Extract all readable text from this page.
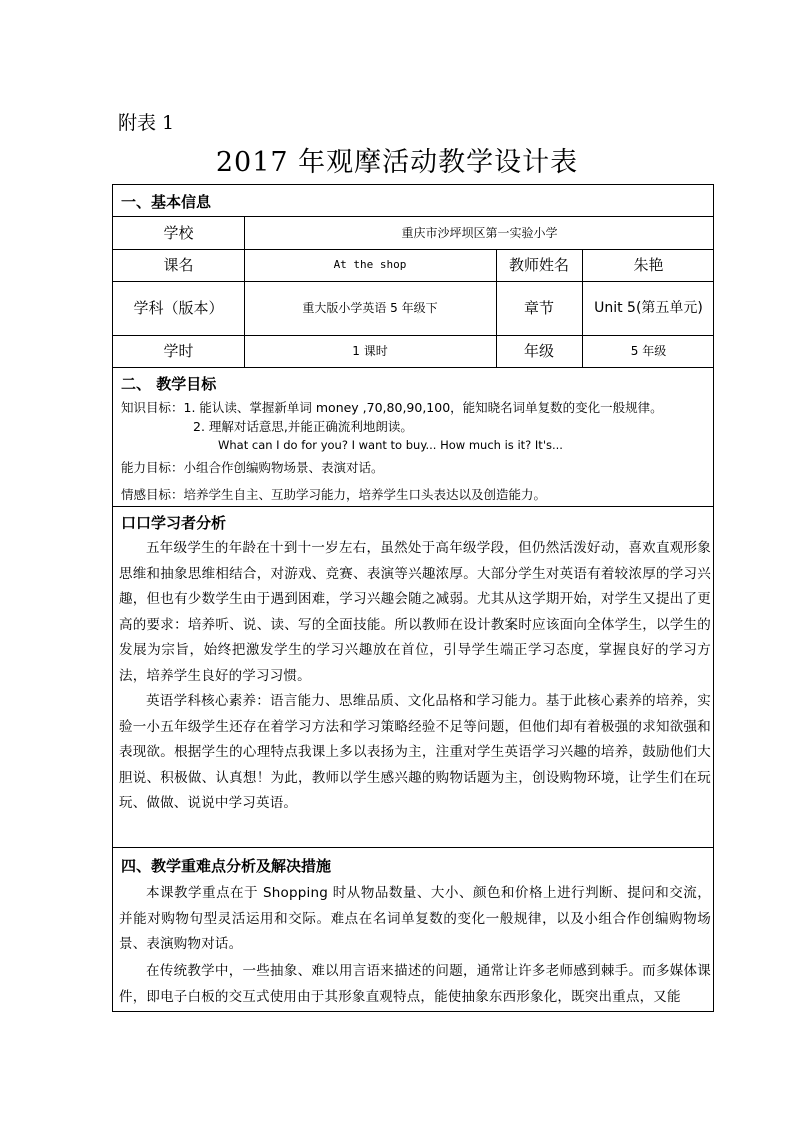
附表 1
2017 年观摩活动教学设计表
一、基本信息
学校	重庆市沙坪坝区第一实验小学
课名	At the shop	教师姓名	朱艳
学科（版本）	重大版小学英语 5 年级下	章节	Unit 5(第五单元)
学时	1 课时	年级	5 年级
二、 教学目标
知识目标：1. 能认读、掌握新单词 money ,70,80,90,100，能知晓名词单复数的变化一般规律。
2. 理解对话意思,并能正确流利地朗读。
What can I do for you? I want to buy... How much is it? It's...
能力目标：小组合作创编购物场景、表演对话。
情感目标：培养学生自主、互助学习能力，培养学生口头表达以及创造能力。
口口学习者分析
五年级学生的年龄在十到十一岁左右，虽然处于高年级学段，但仍然活泼好动，喜欢直观形象思维和抽象思维相结合，对游戏、竞赛、表演等兴趣浓厚。大部分学生对英语有着较浓厚的学习兴趣，但也有少数学生由于遇到困难，学习兴趣会随之减弱。尤其从这学期开始，对学生又提出了更高的要求：培养听、说、读、写的全面技能。所以教师在设计教案时应该面向全体学生，以学生的发展为宗旨，始终把激发学生的学习兴趣放在首位，引导学生端正学习态度，掌握良好的学习方法，培养学生良好的学习习惯。
英语学科核心素养：语言能力、思维品质、文化品格和学习能力。基于此核心素养的培养，实验一小五年级学生还存在着学习方法和学习策略经验不足等问题，但他们却有着极强的求知欲强和表现欲。根据学生的心理特点我课上多以表扬为主，注重对学生英语学习兴趣的培养，鼓励他们大胆说、积极做、认真想！为此，教师以学生感兴趣的购物话题为主，创设购物环境，让学生们在玩玩、做做、说说中学习英语。
四、教学重难点分析及解决措施
本课教学重点在于 Shopping 时从物品数量、大小、颜色和价格上进行判断、提问和交流，并能对购物句型灵活运用和交际。难点在名词单复数的变化一般规律，以及小组合作创编购物场景、表演购物对话。
在传统教学中，一些抽象、难以用言语来描述的问题，通常让许多老师感到棘手。而多媒体课件，即电子白板的交互式使用由于其形象直观特点，能使抽象东西形象化，既突出重点，又能
